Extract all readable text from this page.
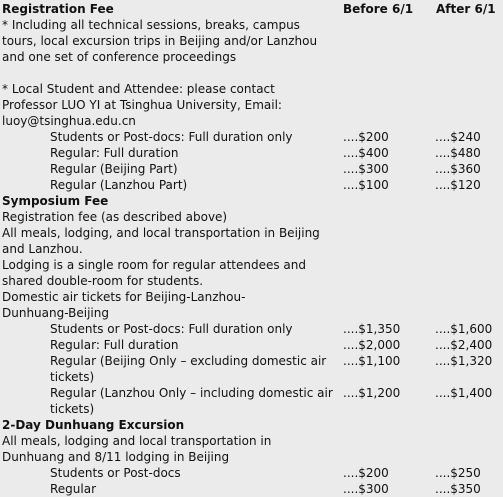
Registration Fee	Before 6/1 After 6/1
* Including all technical sessions, breaks, campus tours, local excursion trips in Beijing and/or Lanzhou and one set of conference proceedings
* Local Student and Attendee: please contact Professor LUO YI at Tsinghua University, Email: luoy@tsinghua.edu.cn
Students or Post-docs: Full duration only	....$200	....$240
Regular: Full duration	....$400	....$480
Regular (Beijing Part)	....$300	....$360
Regular (Lanzhou Part)	....$100	....$120
Symposium Fee
Registration fee (as described above)
All meals, lodging, and local transportation in Beijing and Lanzhou.
Lodging is a single room for regular attendees and shared double-room for students.
Domestic air tickets for Beijing-Lanzhou-Dunhuang-Beijing
Students or Post-docs: Full duration only	....$1,350	....$1,600
Regular: Full duration	....$2,000	....$2,400
Regular (Beijing Only – excluding domestic air tickets)
....$1,100	....$1,320
Regular (Lanzhou Only – including domestic air tickets)
....$1,200	....$1,400
2-Day Dunhuang Excursion
All meals, lodging and local transportation in Dunhuang and 8/11 lodging in Beijing
Students or Post-docs	....$200	....$250
Regular	....$300	....$350
